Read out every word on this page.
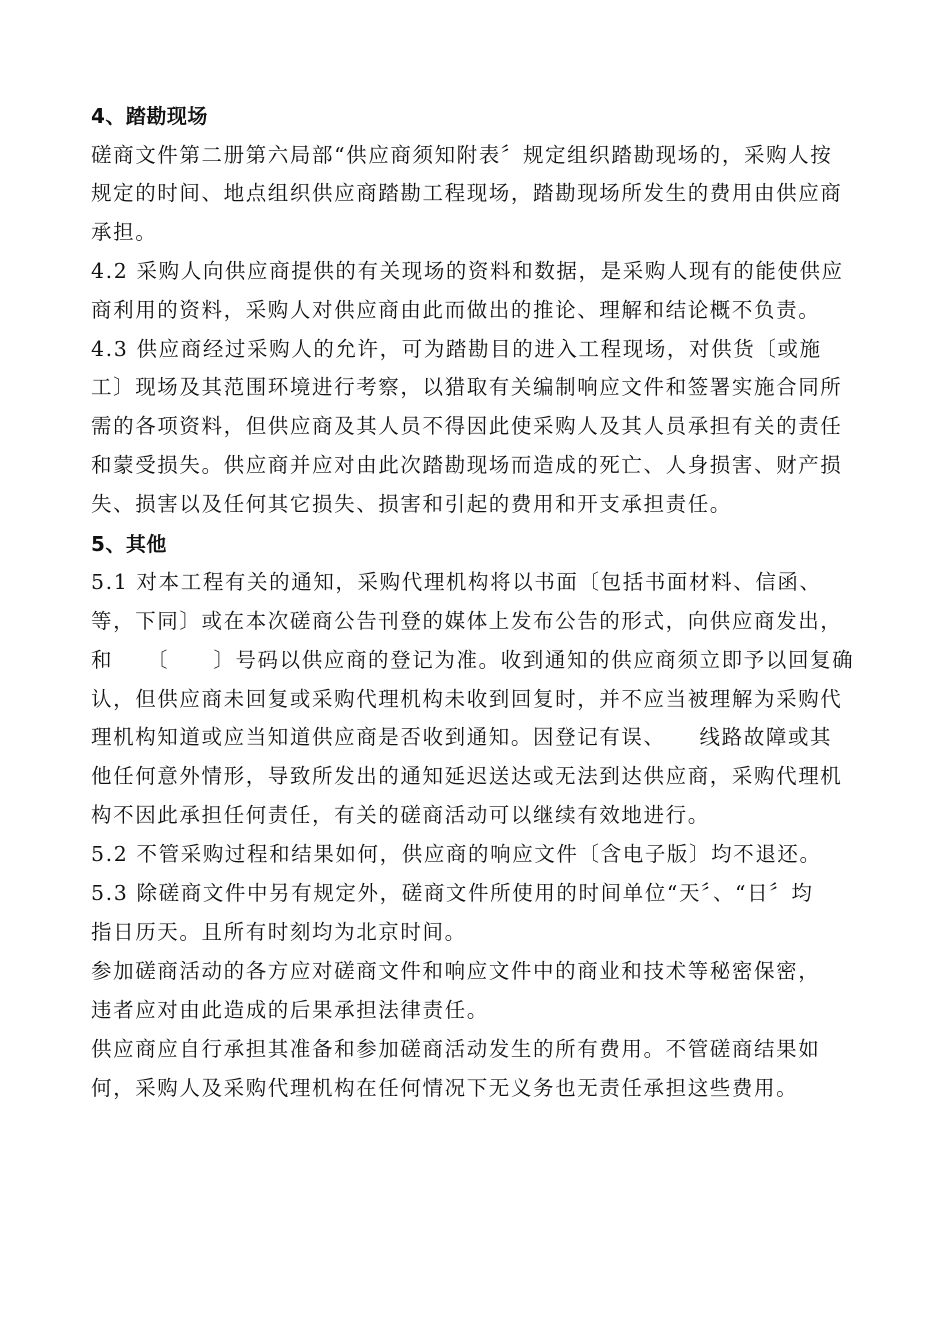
4、踏勘现场
磋商文件第二册第六局部“供应商须知附表〞规定组织踏勘现场的，采购人按
规定的时间、地点组织供应商踏勘工程现场，踏勘现场所发生的费用由供应商
承担。
4.2 采购人向供应商提供的有关现场的资料和数据，是采购人现有的能使供应
商利用的资料，采购人对供应商由此而做出的推论、理解和结论概不负责。
4.3 供应商经过采购人的允许，可为踏勘目的进入工程现场，对供货〔或施
工〕现场及其范围环境进行考察，以猎取有关编制响应文件和签署实施合同所
需的各项资料，但供应商及其人员不得因此使采购人及其人员承担有关的责任
和蒙受损失。供应商并应对由此次踏勘现场而造成的死亡、人身损害、财产损
失、损害以及任何其它损失、损害和引起的费用和开支承担责任。
5、其他
5.1 对本工程有关的通知，采购代理机构将以书面〔包括书面材料、信函、
等，下同〕或在本次磋商公告刊登的媒体上发布公告的形式，向供应商发出，
和　　〔　　〕号码以供应商的登记为准。收到通知的供应商须立即予以回复确
认，但供应商未回复或采购代理机构未收到回复时，并不应当被理解为采购代
理机构知道或应当知道供应商是否收到通知。因登记有误、　　线路故障或其
他任何意外情形，导致所发出的通知延迟送达或无法到达供应商，采购代理机
构不因此承担任何责任，有关的磋商活动可以继续有效地进行。
5.2 不管采购过程和结果如何，供应商的响应文件〔含电子版〕均不退还。
5.3 除磋商文件中另有规定外，磋商文件所使用的时间单位“天〞、“日〞均
指日历天。且所有时刻均为北京时间。
参加磋商活动的各方应对磋商文件和响应文件中的商业和技术等秘密保密，
违者应对由此造成的后果承担法律责任。
供应商应自行承担其准备和参加磋商活动发生的所有费用。不管磋商结果如
何，采购人及采购代理机构在任何情况下无义务也无责任承担这些费用。
